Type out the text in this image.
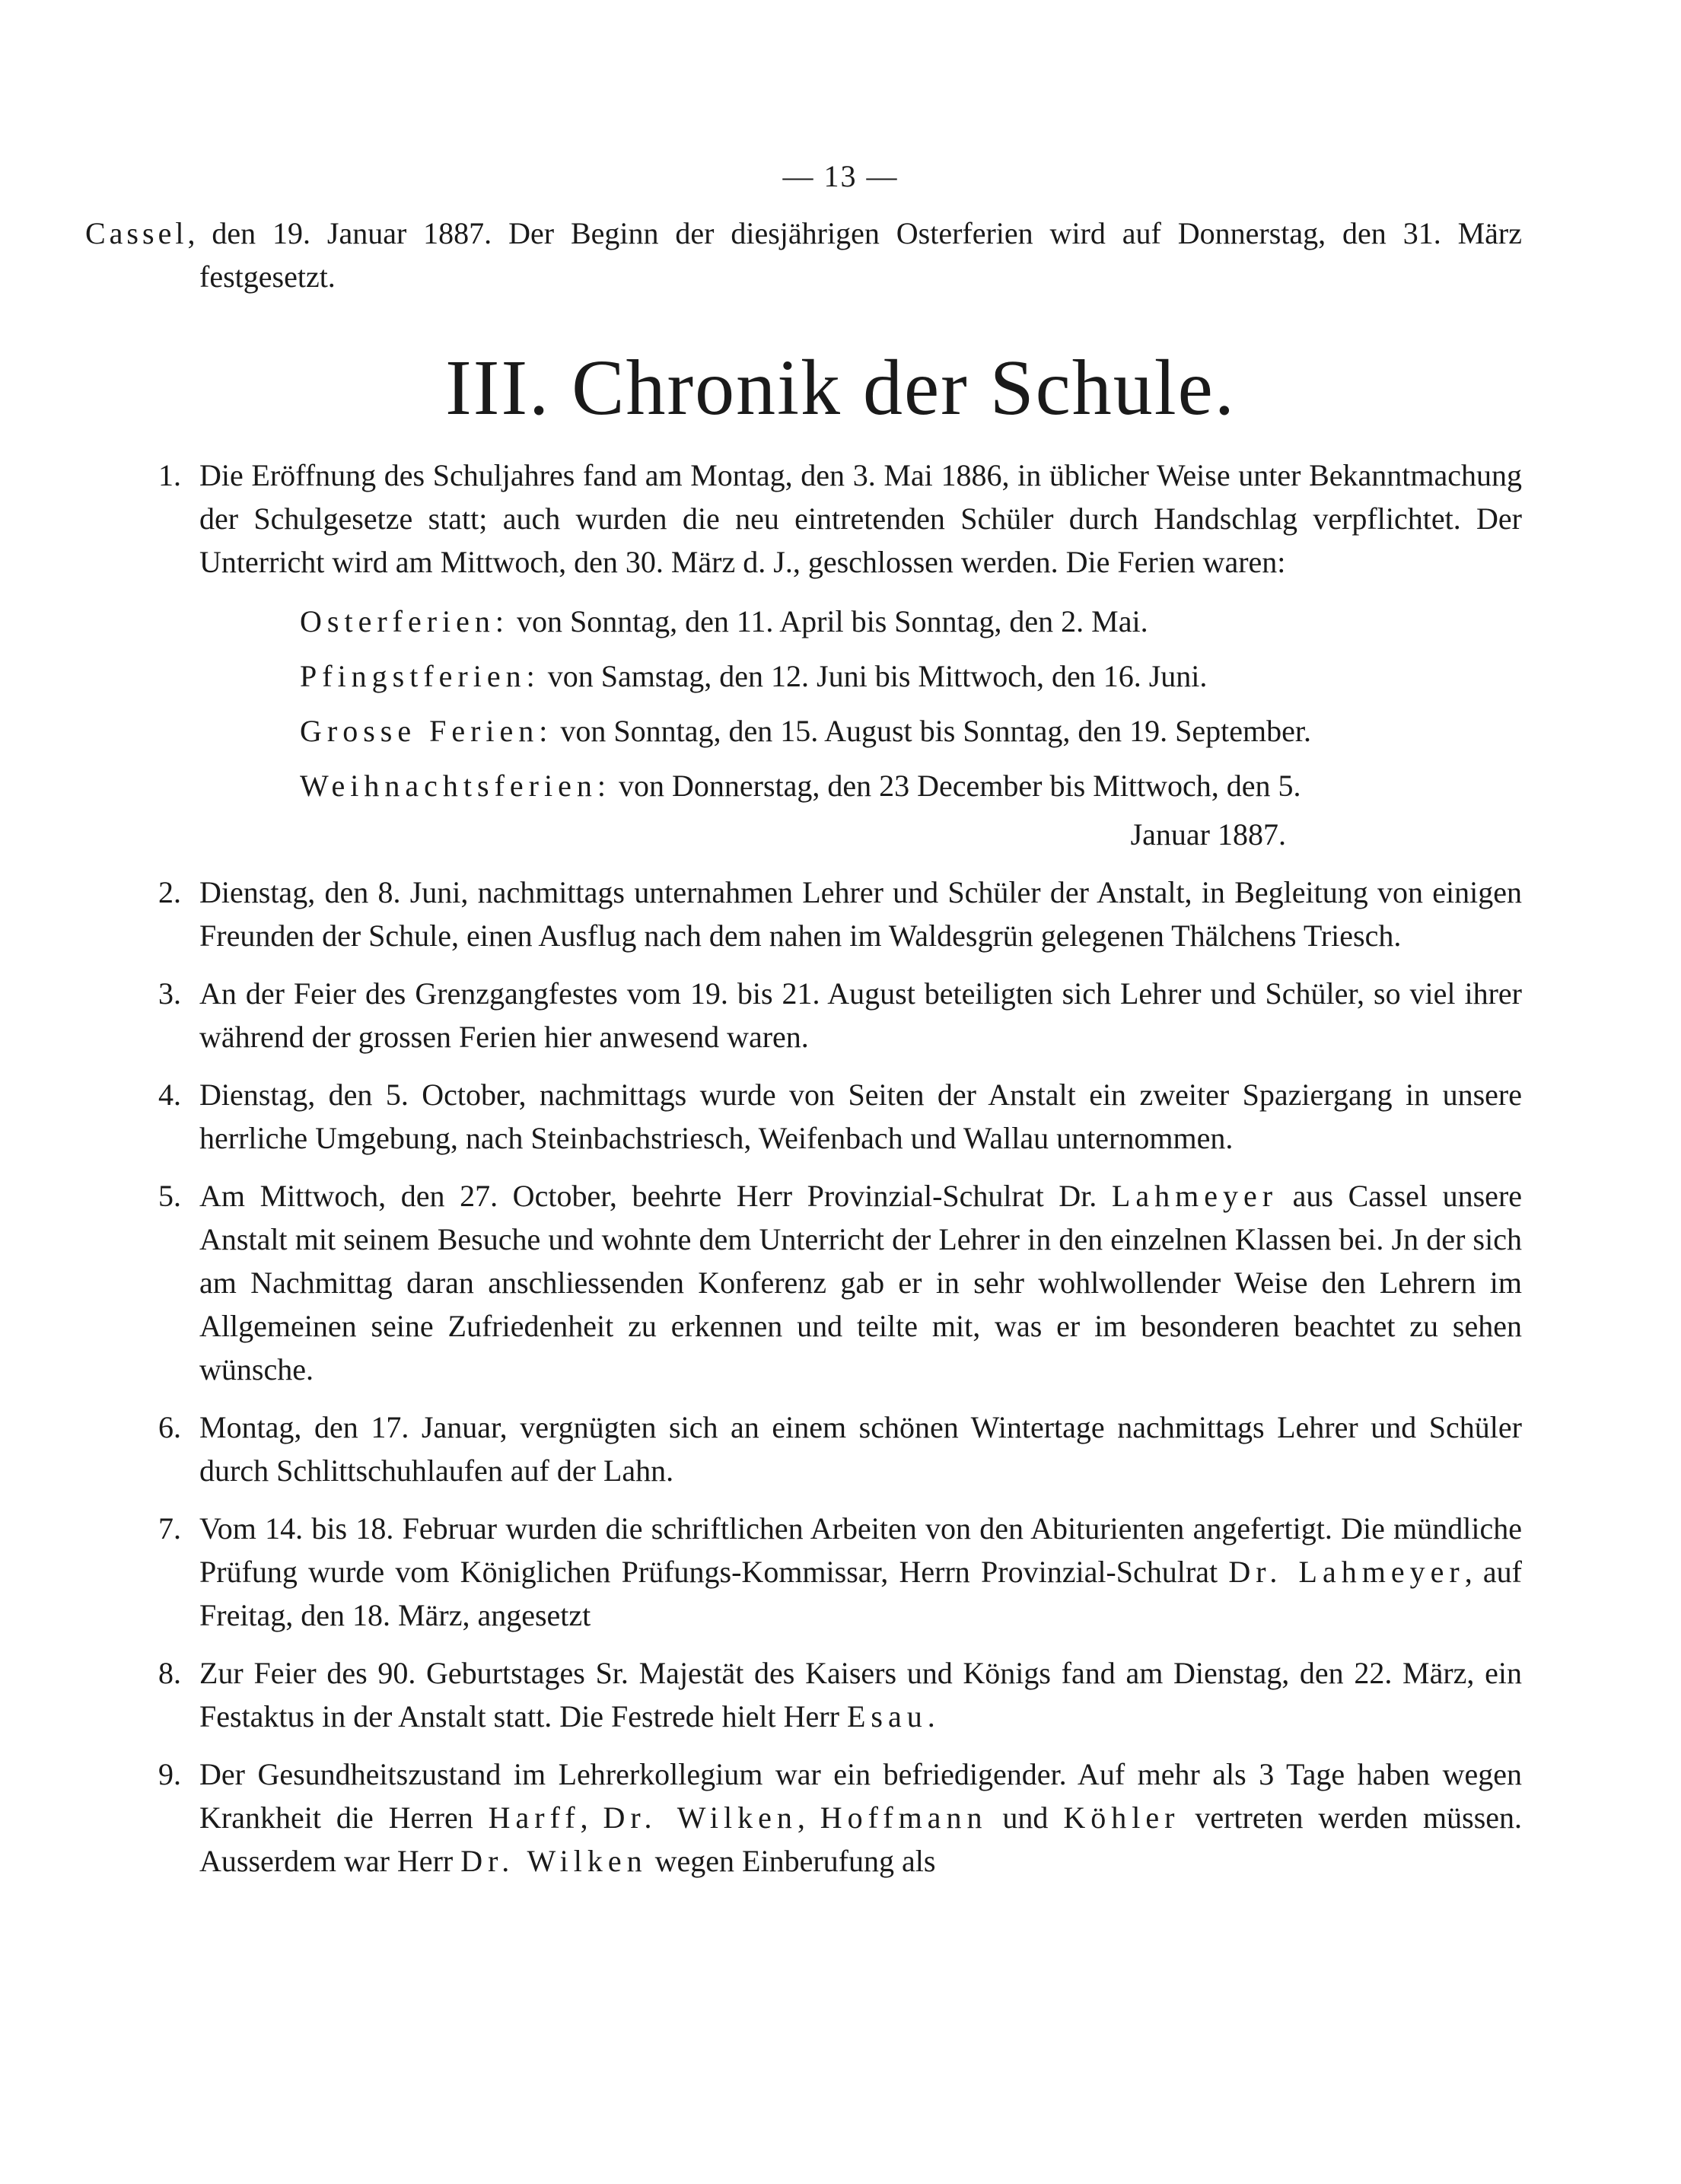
— 13 —

Cassel, den 19. Januar 1887. Der Beginn der diesjährigen Osterferien wird auf Donnerstag, den 31. März festgesetzt.

III. Chronik der Schule.
1. Die Eröffnung des Schuljahres fand am Montag, den 3. Mai 1886, in üblicher Weise unter Bekanntmachung der Schulgesetze statt; auch wurden die neu eintretenden Schüler durch Handschlag verpflichtet. Der Unterricht wird am Mittwoch, den 30. März d. J., geschlossen werden. Die Ferien waren:
Osterferien: von Sonntag, den 11. April bis Sonntag, den 2. Mai.
Pfingstferien: von Samstag, den 12. Juni bis Mittwoch, den 16. Juni.
Grosse Ferien: von Sonntag, den 15. August bis Sonntag, den 19. September.
Weihnachtsferien: von Donnerstag, den 23 December bis Mittwoch, den 5.
Januar 1887.
2. Dienstag, den 8. Juni, nachmittags unternahmen Lehrer und Schüler der Anstalt, in Begleitung von einigen Freunden der Schule, einen Ausflug nach dem nahen im Waldesgrün gelegenen Thälchens Triesch.
3. An der Feier des Grenzgangfestes vom 19. bis 21. August beteiligten sich Lehrer und Schüler, so viel ihrer während der grossen Ferien hier anwesend waren.
4. Dienstag, den 5. October, nachmittags wurde von Seiten der Anstalt ein zweiter Spaziergang in unsere herrliche Umgebung, nach Steinbachstriesch, Weifenbach und Wallau unternommen.
5. Am Mittwoch, den 27. October, beehrte Herr Provinzial-Schulrat Dr. Lahmeyer aus Cassel unsere Anstalt mit seinem Besuche und wohnte dem Unterricht der Lehrer in den einzelnen Klassen bei. Jn der sich am Nachmittag daran anschliessenden Konferenz gab er in sehr wohlwollender Weise den Lehrern im Allgemeinen seine Zufriedenheit zu erkennen und teilte mit, was er im besonderen beachtet zu sehen wünsche.
6. Montag, den 17. Januar, vergnügten sich an einem schönen Wintertage nachmittags Lehrer und Schüler durch Schlittschuhlaufen auf der Lahn.
7. Vom 14. bis 18. Februar wurden die schriftlichen Arbeiten von den Abiturienten angefertigt. Die mündliche Prüfung wurde vom Königlichen Prüfungs-Kommissar, Herrn Provinzial-Schulrat Dr. Lahmeyer, auf Freitag, den 18. März, angesetzt
8. Zur Feier des 90. Geburtstages Sr. Majestät des Kaisers und Königs fand am Dienstag, den 22. März, ein Festaktus in der Anstalt statt. Die Festrede hielt Herr Esau.
9. Der Gesundheitszustand im Lehrerkollegium war ein befriedigender. Auf mehr als 3 Tage haben wegen Krankheit die Herren Harff, Dr. Wilken, Hoffmann und Köhler vertreten werden müssen. Ausserdem war Herr Dr. Wilken wegen Einberufung als
